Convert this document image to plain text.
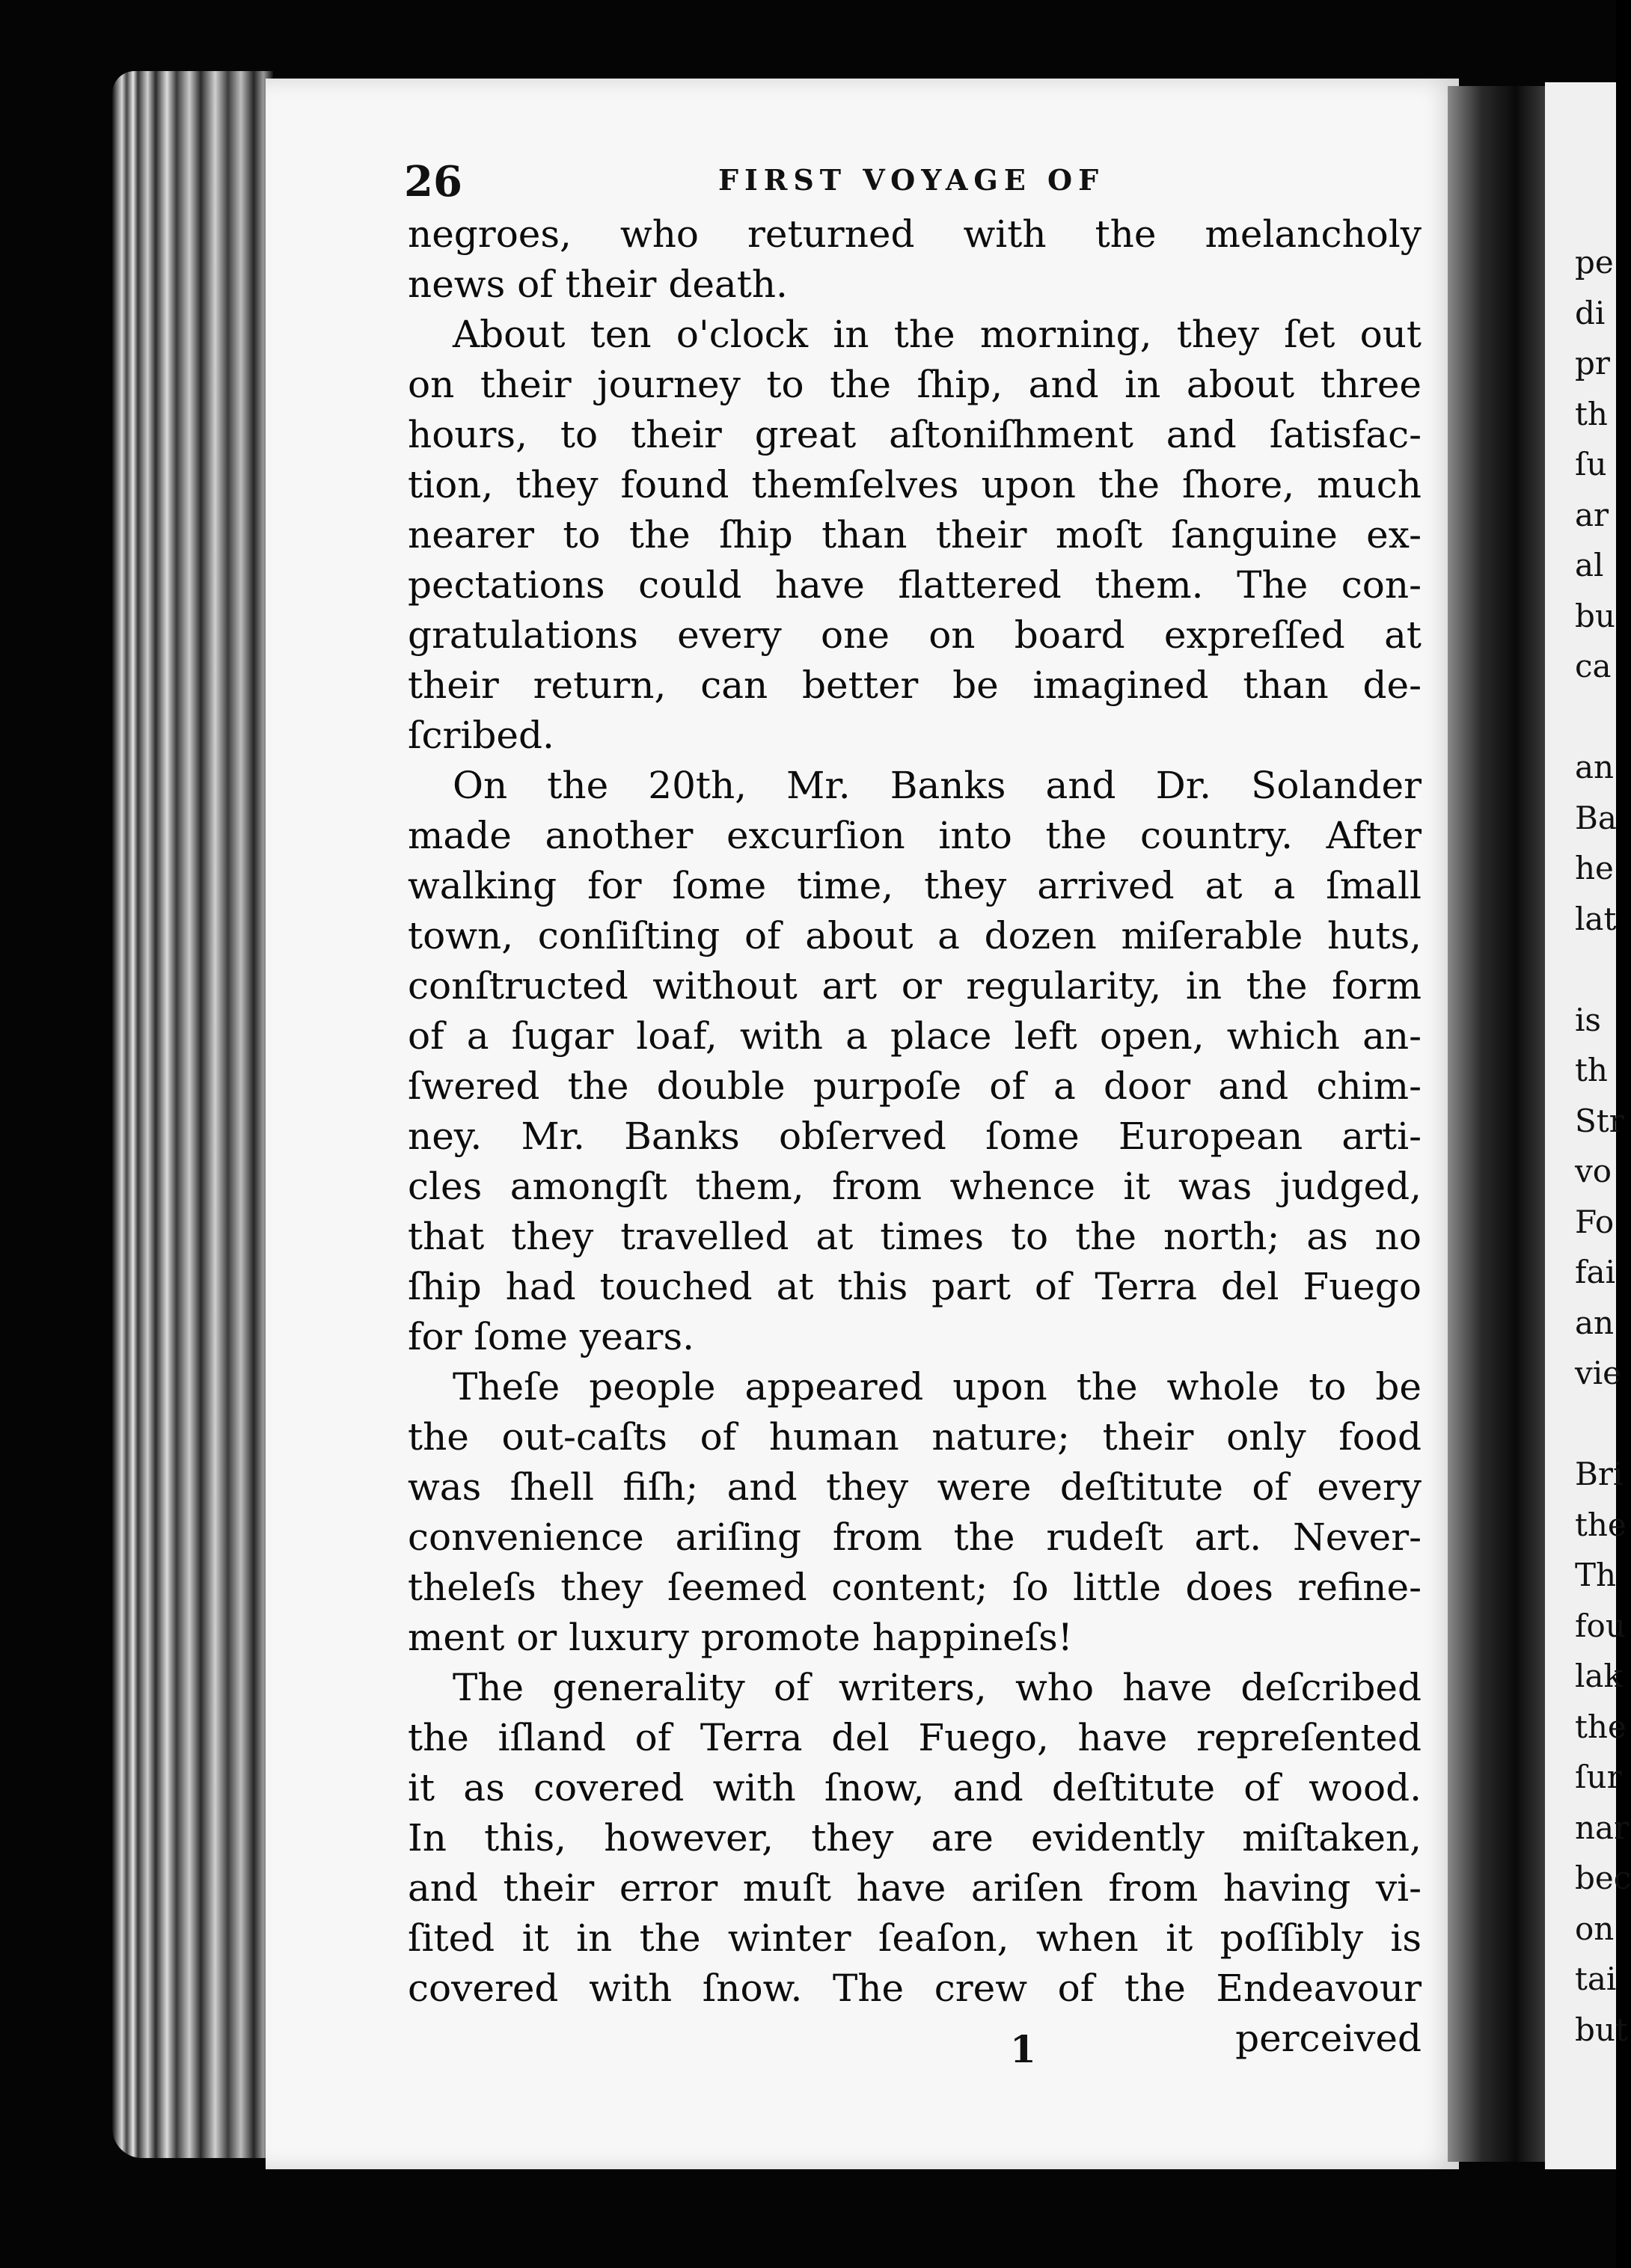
pe
di
pr
th
ſu
ar
al
bu
ca
an
Ba
he
lat
is
th
Str
vo
Fo
fai
an
vie
Bri
the
Th
fou
lak
the
ſur
nar
bec
on
tai
but
26	FIRST VOYAGE OF
negroes, who returned with the melancholy
news of their death.
About ten o'clock in the morning, they ſet out
on their journey to the ſhip, and in about three
hours, to their great aſtoniſhment and ſatisfac-
tion, they found themſelves upon the ſhore, much
nearer to the ſhip than their moſt ſanguine ex-
pectations could have flattered them. The con-
gratulations every one on board expreſſed at
their return, can better be imagined than de-
ſcribed.
On the 20th, Mr. Banks and Dr. Solander
made another excurſion into the country. After
walking for ſome time, they arrived at a ſmall
town, conſiſting of about a dozen miſerable huts,
conſtructed without art or regularity, in the form
of a ſugar loaf, with a place left open, which an-
ſwered the double purpoſe of a door and chim-
ney. Mr. Banks obſerved ſome European arti-
cles amongſt them, from whence it was judged,
that they travelled at times to the north; as no
ſhip had touched at this part of Terra del Fuego
for ſome years.
Theſe people appeared upon the whole to be
the out-caſts of human nature; their only food
was ſhell fiſh; and they were deſtitute of every
convenience ariſing from the rudeſt art. Never-
theleſs they ſeemed content; ſo little does refine-
ment or luxury promote happineſs!
The generality of writers, who have deſcribed
the iſland of Terra del Fuego, have repreſented
it as covered with ſnow, and deſtitute of wood.
In this, however, they are evidently miſtaken,
and their error muſt have ariſen from having vi-
ſited it in the winter ſeaſon, when it poſſibly is
covered with ſnow. The crew of the Endeavour
perceived
1
